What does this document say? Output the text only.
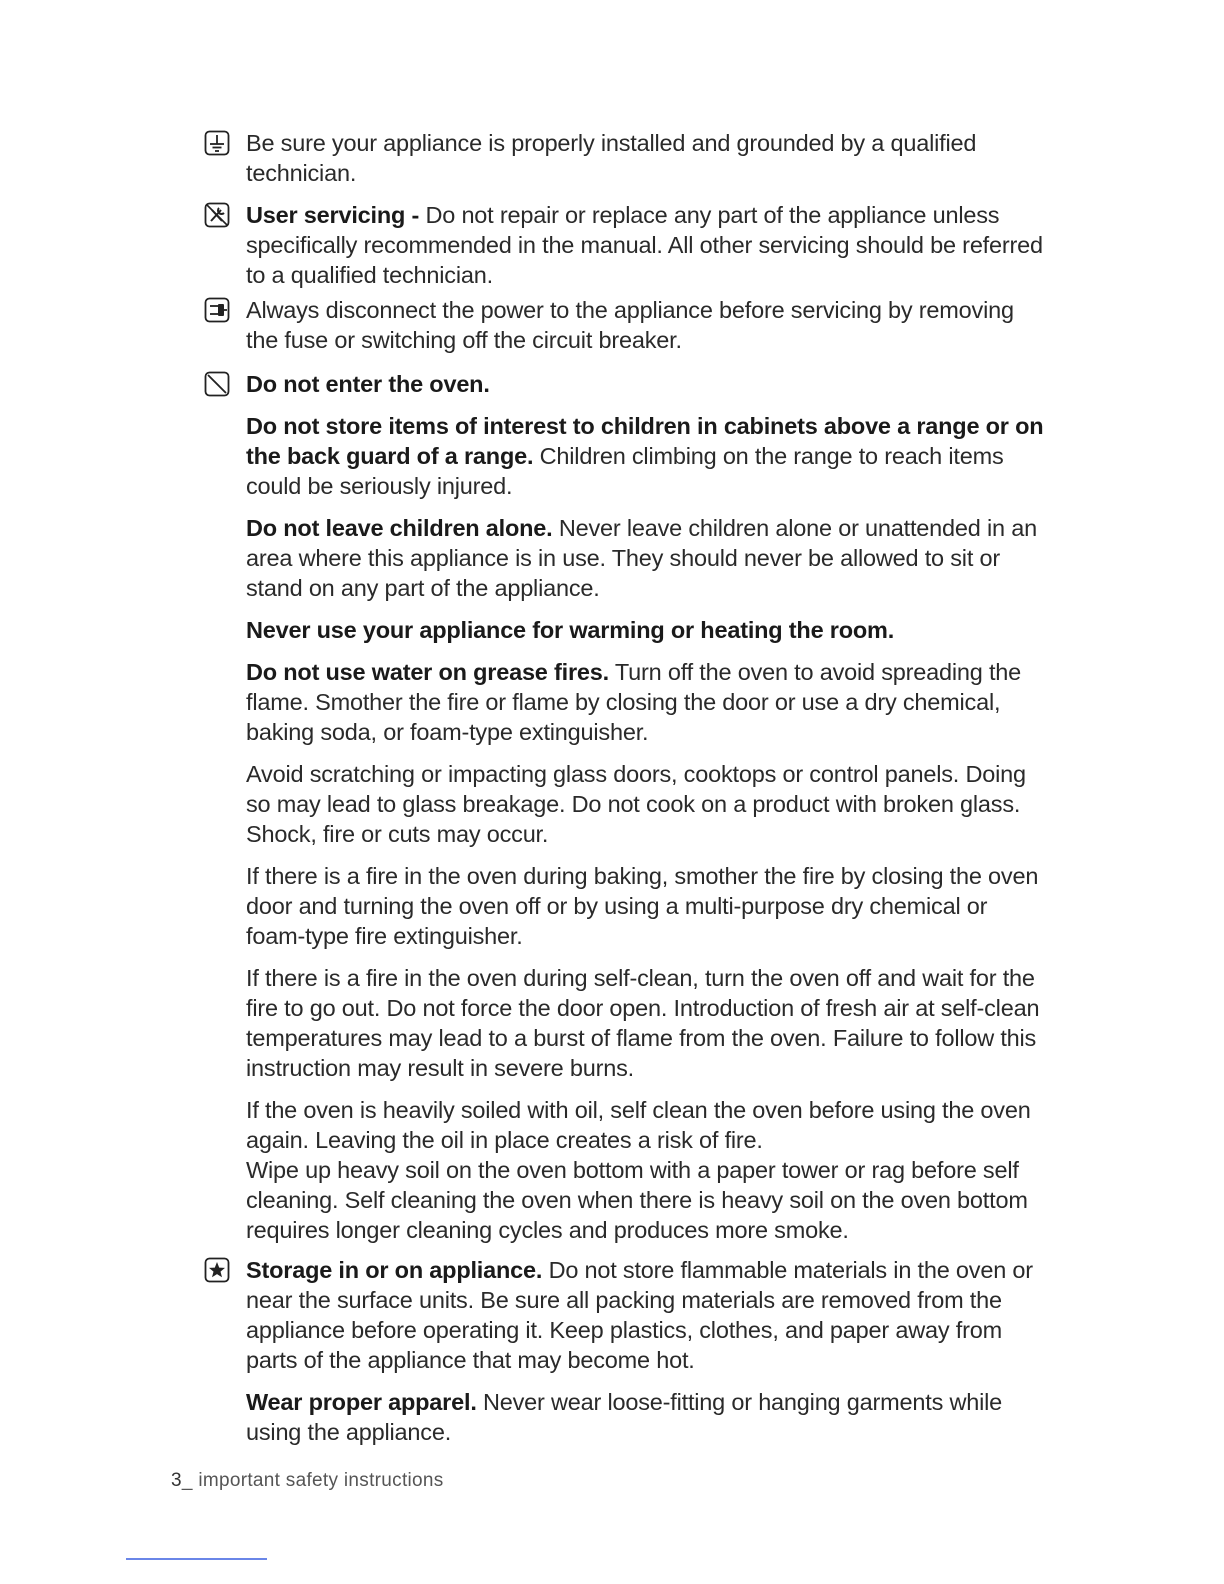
Be sure your appliance is properly installed and grounded by a qualified technician.

User servicing - Do not repair or replace any part of the appliance unless specifically recommended in the manual. All other servicing should be referred to a qualified technician.

Always disconnect the power to the appliance before servicing by removing the fuse or switching off the circuit breaker.

Do not enter the oven.

Do not store items of interest to children in cabinets above a range or on the back guard of a range. Children climbing on the range to reach items could be seriously injured.

Do not leave children alone. Never leave children alone or unattended in an area where this appliance is in use. They should never be allowed to sit or stand on any part of the appliance.

Never use your appliance for warming or heating the room.

Do not use water on grease fires. Turn off the oven to avoid spreading the flame. Smother the fire or flame by closing the door or use a dry chemical, baking soda, or foam-type extinguisher.

Avoid scratching or impacting glass doors, cooktops or control panels. Doing so may lead to glass breakage. Do not cook on a product with broken glass. Shock, fire or cuts may occur.

If there is a fire in the oven during baking, smother the fire by closing the oven door and turning the oven off or by using a multi-purpose dry chemical or foam-type fire extinguisher.

If there is a fire in the oven during self-clean, turn the oven off and wait for the fire to go out. Do not force the door open. Introduction of fresh air at self-clean temperatures may lead to a burst of flame from the oven. Failure to follow this instruction may result in severe burns.

If the oven is heavily soiled with oil, self clean the oven before using the oven again. Leaving the oil in place creates a risk of fire.

Wipe up heavy soil on the oven bottom with a paper tower or rag before self cleaning. Self cleaning the oven when there is heavy soil on the oven bottom requires longer cleaning cycles and produces more smoke.

Storage in or on appliance. Do not store flammable materials in the oven or near the surface units. Be sure all packing materials are removed from the appliance before operating it. Keep plastics, clothes, and paper away from parts of the appliance that may become hot.

Wear proper apparel. Never wear loose-fitting or hanging garments while using the appliance.

3_ important safety instructions
